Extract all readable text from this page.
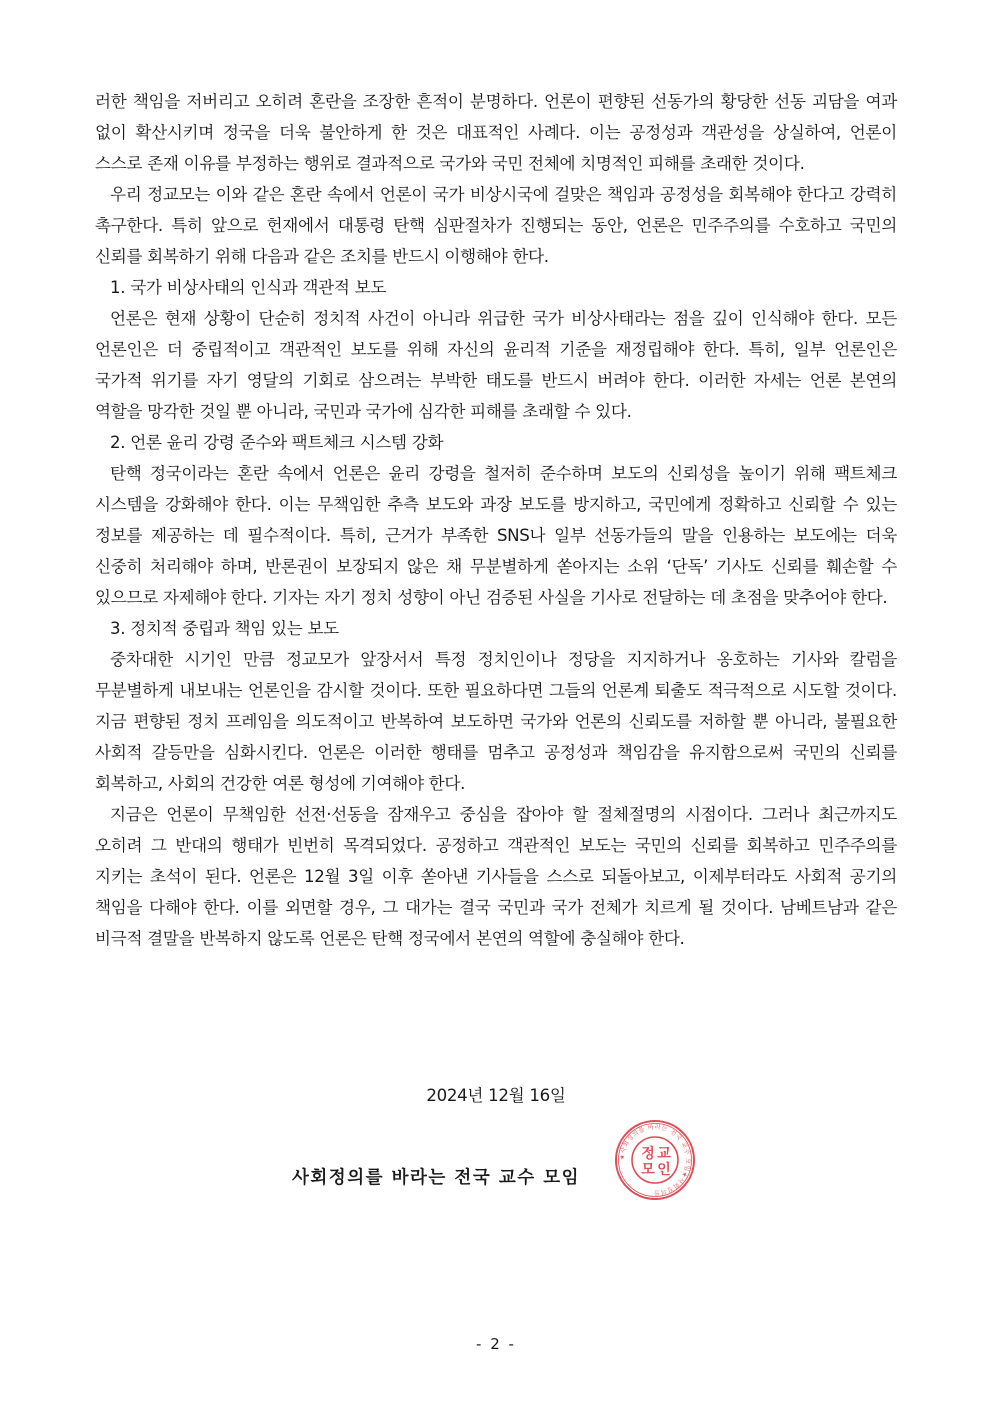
러한 책임을 저버리고 오히려 혼란을 조장한 흔적이 분명하다. 언론이 편향된 선동가의 황당한 선동 괴담을 여과 없이 확산시키며 정국을 더욱 불안하게 한 것은 대표적인 사례다. 이는 공정성과 객관성을 상실하여, 언론이 스스로 존재 이유를 부정하는 행위로 결과적으로 국가와 국민 전체에 치명적인 피해를 초래한 것이다.

우리 정교모는 이와 같은 혼란 속에서 언론이 국가 비상시국에 걸맞은 책임과 공정성을 회복해야 한다고 강력히 촉구한다. 특히 앞으로 헌재에서 대통령 탄핵 심판절차가 진행되는 동안, 언론은 민주주의를 수호하고 국민의 신뢰를 회복하기 위해 다음과 같은 조치를 반드시 이행해야 한다.

1. 국가 비상사태의 인식과 객관적 보도

언론은 현재 상황이 단순히 정치적 사건이 아니라 위급한 국가 비상사태라는 점을 깊이 인식해야 한다. 모든 언론인은 더 중립적이고 객관적인 보도를 위해 자신의 윤리적 기준을 재정립해야 한다. 특히, 일부 언론인은 국가적 위기를 자기 영달의 기회로 삼으려는 부박한 태도를 반드시 버려야 한다. 이러한 자세는 언론 본연의 역할을 망각한 것일 뿐 아니라, 국민과 국가에 심각한 피해를 초래할 수 있다.

2. 언론 윤리 강령 준수와 팩트체크 시스템 강화

탄핵 정국이라는 혼란 속에서 언론은 윤리 강령을 철저히 준수하며 보도의 신뢰성을 높이기 위해 팩트체크 시스템을 강화해야 한다. 이는 무책임한 추측 보도와 과장 보도를 방지하고, 국민에게 정확하고 신뢰할 수 있는 정보를 제공하는 데 필수적이다. 특히, 근거가 부족한 SNS나 일부 선동가들의 말을 인용하는 보도에는 더욱 신중히 처리해야 하며, 반론권이 보장되지 않은 채 무분별하게 쏟아지는 소위 ‘단독’ 기사도 신뢰를 훼손할 수 있으므로 자제해야 한다. 기자는 자기 정치 성향이 아닌 검증된 사실을 기사로 전달하는 데 초점을 맞추어야 한다.

3. 정치적 중립과 책임 있는 보도

중차대한 시기인 만큼 정교모가 앞장서서 특정 정치인이나 정당을 지지하거나 옹호하는 기사와 칼럼을 무분별하게 내보내는 언론인을 감시할 것이다. 또한 필요하다면 그들의 언론계 퇴출도 적극적으로 시도할 것이다. 지금 편향된 정치 프레임을 의도적이고 반복하여 보도하면 국가와 언론의 신뢰도를 저하할 뿐 아니라, 불필요한 사회적 갈등만을 심화시킨다. 언론은 이러한 행태를 멈추고 공정성과 책임감을 유지함으로써 국민의 신뢰를 회복하고, 사회의 건강한 여론 형성에 기여해야 한다.

지금은 언론이 무책임한 선전·선동을 잠재우고 중심을 잡아야 할 절체절명의 시점이다. 그러나 최근까지도 오히려 그 반대의 행태가 빈번히 목격되었다. 공정하고 객관적인 보도는 국민의 신뢰를 회복하고 민주주의를 지키는 초석이 된다. 언론은 12월 3일 이후 쏟아낸 기사들을 스스로 되돌아보고, 이제부터라도 사회적 공기의 책임을 다해야 한다. 이를 외면할 경우, 그 대가는 결국 국민과 국가 전체가 치르게 될 것이다. 남베트남과 같은 비극적 결말을 반복하지 않도록 언론은 탄핵 정국에서 본연의 역할에 충실해야 한다.

2024년 12월 16일
사회정의를 바라는 전국 교수 모임
★사회정의를 바라는 전국 교수 모임★사회정의를
정 교
모 인
- 2 -
